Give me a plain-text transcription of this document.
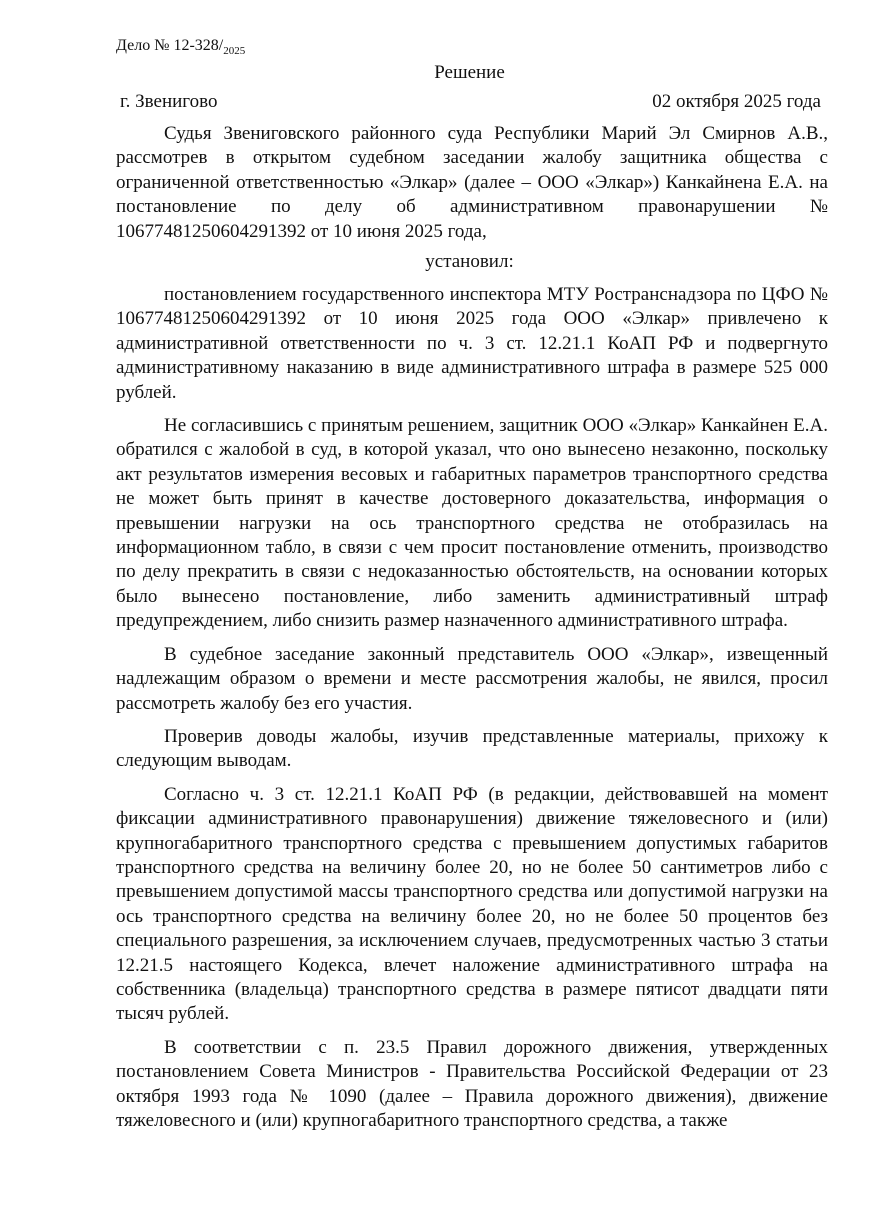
Дело № $12-328/_{2025}$
Решение
г. Звенигово	02 октября 2025 года

Судья Звениговского районного суда Республики Марий Эл Смирнов А.В., рассмотрев в открытом судебном заседании жалобу защитника общества с ограниченной ответственностью «Элкар» (далее – ООО «Элкар») Канкайнена Е.А. на постановление по делу об административном правонарушении № 10677481250604291392 от 10 июня 2025 года,

установил:

постановлением государственного инспектора МТУ Ространснадзора по ЦФО № 10677481250604291392 от 10 июня 2025 года ООО «Элкар» привлечено к административной ответственности по ч. 3 ст. 12.21.1 КоАП РФ и подвергнуто административному наказанию в виде административного штрафа в размере 525 000 рублей.

Не согласившись с принятым решением, защитник ООО «Элкар» Канкайнен Е.А. обратился с жалобой в суд, в которой указал, что оно вынесено незаконно, поскольку акт результатов измерения весовых и габаритных параметров транспортного средства не может быть принят в качестве достоверного доказательства, информация о превышении нагрузки на ось транспортного средства не отобразилась на информационном табло, в связи с чем просит постановление отменить, производство по делу прекратить в связи с недоказанностью обстоятельств, на основании которых было вынесено постановление, либо заменить административный штраф предупреждением, либо снизить размер назначенного административного штрафа.

В судебное заседание законный представитель ООО «Элкар», извещенный надлежащим образом о времени и месте рассмотрения жалобы, не явился, просил рассмотреть жалобу без его участия.

Проверив доводы жалобы, изучив представленные материалы, прихожу к следующим выводам.

Согласно ч. 3 ст. 12.21.1 КоАП РФ (в редакции, действовавшей на момент фиксации административного правонарушения) движение тяжеловесного и (или) крупногабаритного транспортного средства с превышением допустимых габаритов транспортного средства на величину более 20, но не более 50 сантиметров либо с превышением допустимой массы транспортного средства или допустимой нагрузки на ось транспортного средства на величину более 20, но не более 50 процентов без специального разрешения, за исключением случаев, предусмотренных частью 3 статьи 12.21.5 настоящего Кодекса, влечет наложение административного штрафа на собственника (владельца) транспортного средства в размере пятисот двадцати пяти тысяч рублей.

В соответствии с п. 23.5 Правил дорожного движения, утвержденных постановлением Совета Министров - Правительства Российской Федерации от 23 октября 1993 года № 1090 (далее – Правила дорожного движения), движение тяжеловесного и (или) крупногабаритного транспортного средства, а также
